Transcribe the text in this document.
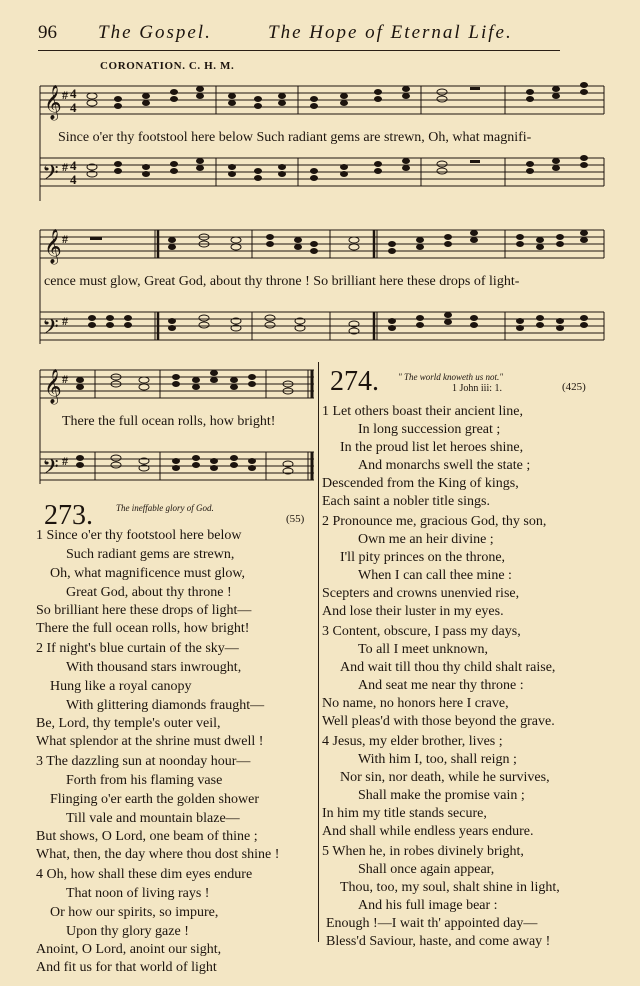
96 The Gospel.	The Hope of Eternal Life.
CORONATION. C. H. M.
𝄞 # 4
4
𝄢 # 4
4
Since o'er thy footstool here below Such radiant gems are strewn, Oh, what magnifi-
𝄞 #
𝄢 #
cence must glow, Great God, about thy throne ! So brilliant here these drops of light-
𝄞 #
𝄢 #
There the full ocean rolls, how bright!
273.	The ineffable glory of God.
(55)
1 Since o'er thy footstool here below
Such radiant gems are strewn,
Oh, what magnificence must glow,
Great God, about thy throne !
So brilliant here these drops of light—
There the full ocean rolls, how bright!
2 If night's blue curtain of the sky—
With thousand stars inwrought,
Hung like a royal canopy
With glittering diamonds fraught—
Be, Lord, thy temple's outer veil,
What splendor at the shrine must dwell !
3 The dazzling sun at noonday hour—
Forth from his flaming vase
Flinging o'er earth the golden shower
Till vale and mountain blaze—
But shows, O Lord, one beam of thine ;
What, then, the day where thou dost shine !
4 Oh, how shall these dim eyes endure
That noon of living rays !
Or how our spirits, so impure,
Upon thy glory gaze !
Anoint, O Lord, anoint our sight,
And fit us for that world of light
274. " The world knoweth us not."
1 John iii: 1.	(425)
1 Let others boast their ancient line,
In long succession great ;
In the proud list let heroes shine,
And monarchs swell the state ;
Descended from the King of kings,
Each saint a nobler title sings.
2 Pronounce me, gracious God, thy son,
Own me an heir divine ;
I'll pity princes on the throne,
When I can call thee mine :
Scepters and crowns unenvied rise,
And lose their luster in my eyes.
3 Content, obscure, I pass my days,
To all I meet unknown,
And wait till thou thy child shalt raise,
And seat me near thy throne :
No name, no honors here I crave,
Well pleas'd with those beyond the grave.
4 Jesus, my elder brother, lives ;
With him I, too, shall reign ;
Nor sin, nor death, while he survives,
Shall make the promise vain ;
In him my title stands secure,
And shall while endless years endure.
5 When he, in robes divinely bright,
Shall once again appear,
Thou, too, my soul, shalt shine in light,
And his full image bear :
Enough !—I wait th' appointed day—
Bless'd Saviour, haste, and come away !
